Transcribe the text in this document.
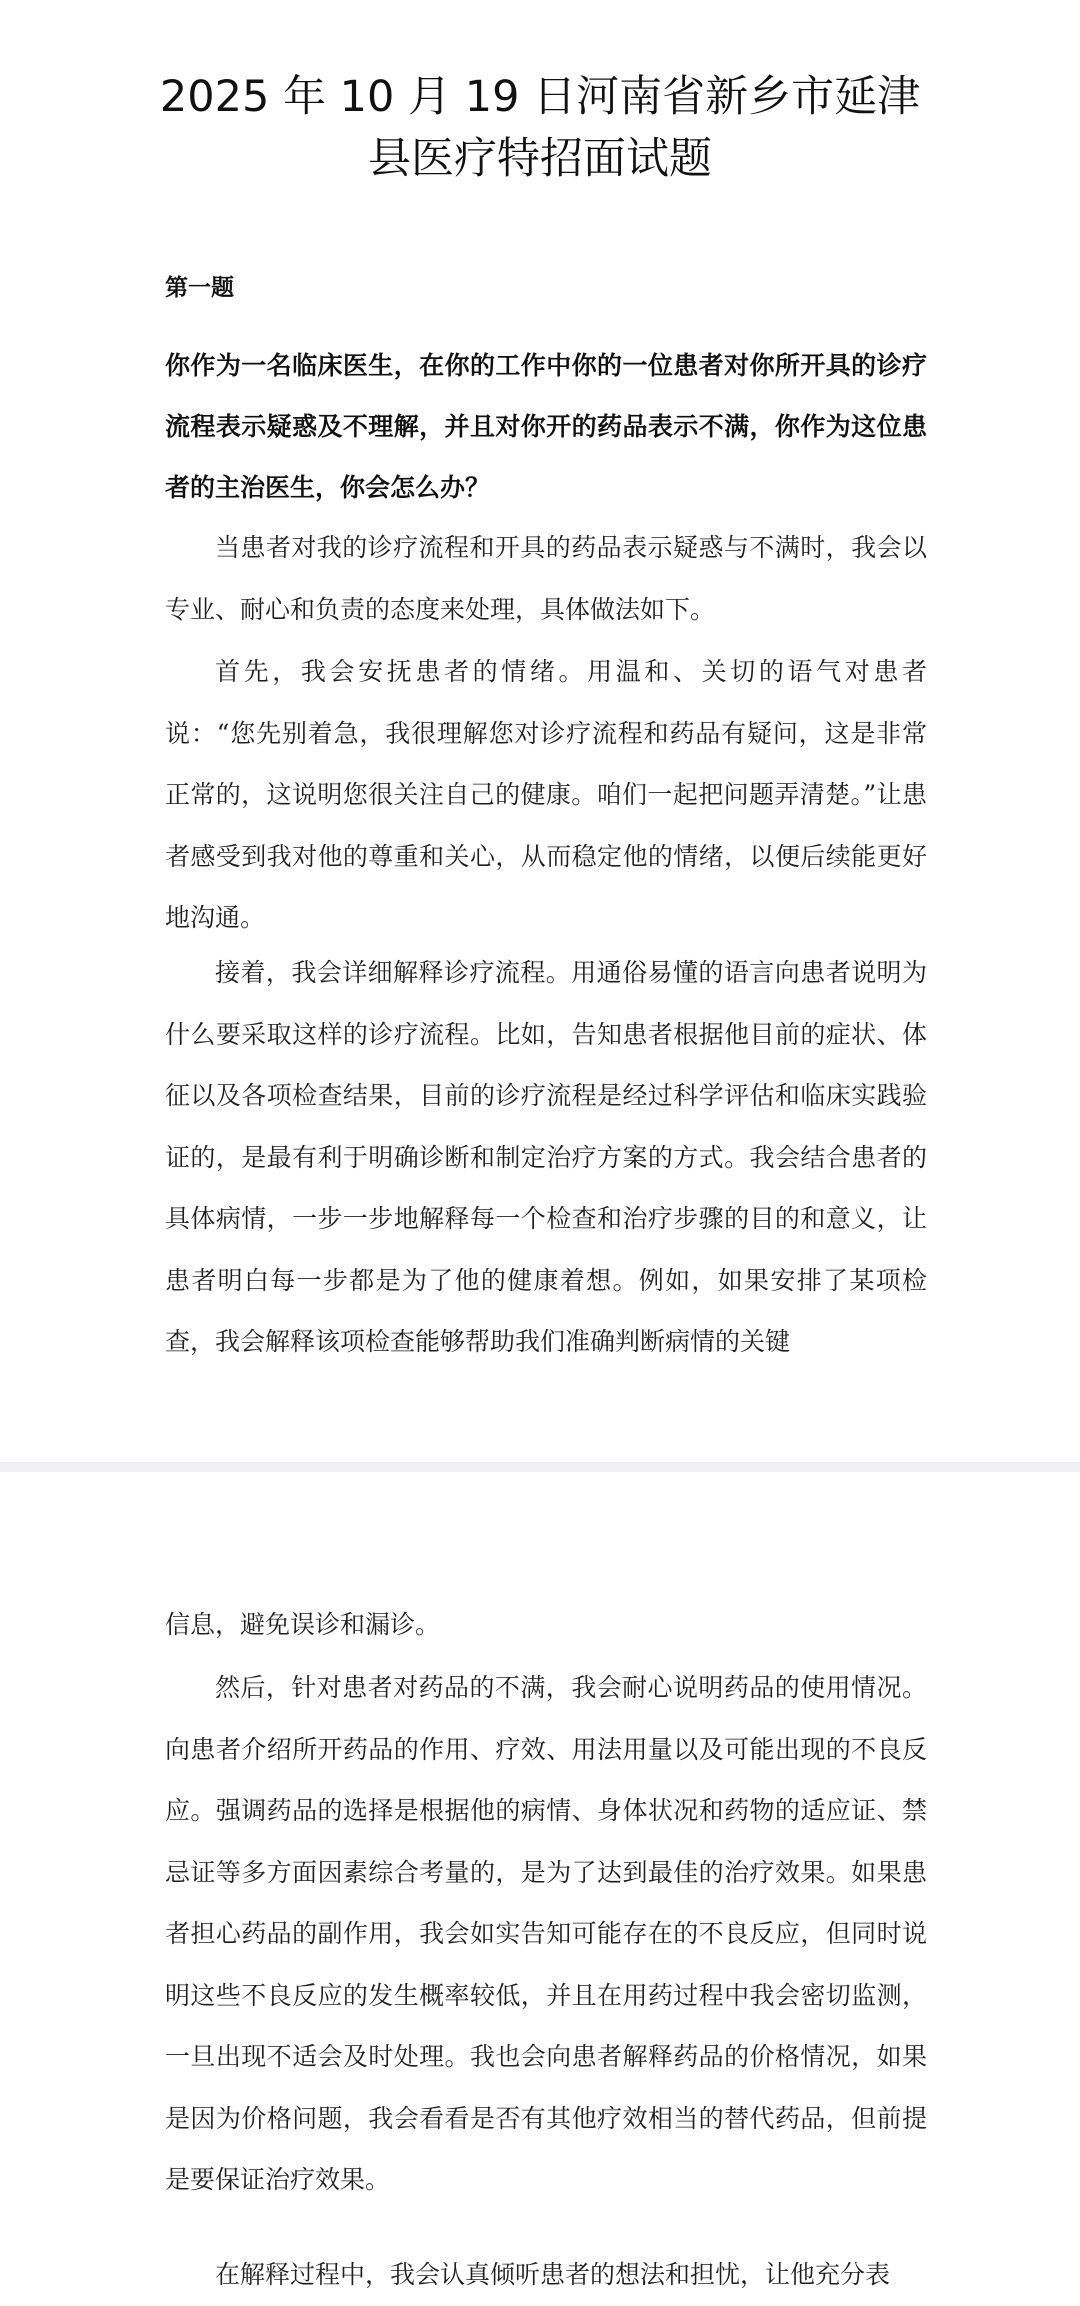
2025 年 10 月 19 日河南省新乡市延津县医疗特招面试题
第一题

你作为一名临床医生，在你的工作中你的一位患者对你所开具的诊疗流程表示疑惑及不理解，并且对你开的药品表示不满，你作为这位患者的主治医生，你会怎么办？

当患者对我的诊疗流程和开具的药品表示疑惑与不满时，我会以专业、耐心和负责的态度来处理，具体做法如下。

首先，我会安抚患者的情绪。用温和、关切的语气对患者说：“您先别着急，我很理解您对诊疗流程和药品有疑问，这是非常正常的，这说明您很关注自己的健康。咱们一起把问题弄清楚。”让患者感受到我对他的尊重和关心，从而稳定他的情绪，以便后续能更好地沟通。

接着，我会详细解释诊疗流程。用通俗易懂的语言向患者说明为什么要采取这样的诊疗流程。比如，告知患者根据他目前的症状、体征以及各项检查结果，目前的诊疗流程是经过科学评估和临床实践验证的，是最有利于明确诊断和制定治疗方案的方式。我会结合患者的具体病情，一步一步地解释每一个检查和治疗步骤的目的和意义，让患者明白每一步都是为了他的健康着想。例如，如果安排了某项检查，我会解释该项检查能够帮助我们准确判断病情的关键

信息，避免误诊和漏诊。

然后，针对患者对药品的不满，我会耐心说明药品的使用情况。向患者介绍所开药品的作用、疗效、用法用量以及可能出现的不良反应。强调药品的选择是根据他的病情、身体状况和药物的适应证、禁忌证等多方面因素综合考量的，是为了达到最佳的治疗效果。如果患者担心药品的副作用，我会如实告知可能存在的不良反应，但同时说明这些不良反应的发生概率较低，并且在用药过程中我会密切监测，一旦出现不适会及时处理。我也会向患者解释药品的价格情况，如果是因为价格问题，我会看看是否有其他疗效相当的替代药品，但前提是要保证治疗效果。

在解释过程中，我会认真倾听患者的想法和担忧，让他充分表
